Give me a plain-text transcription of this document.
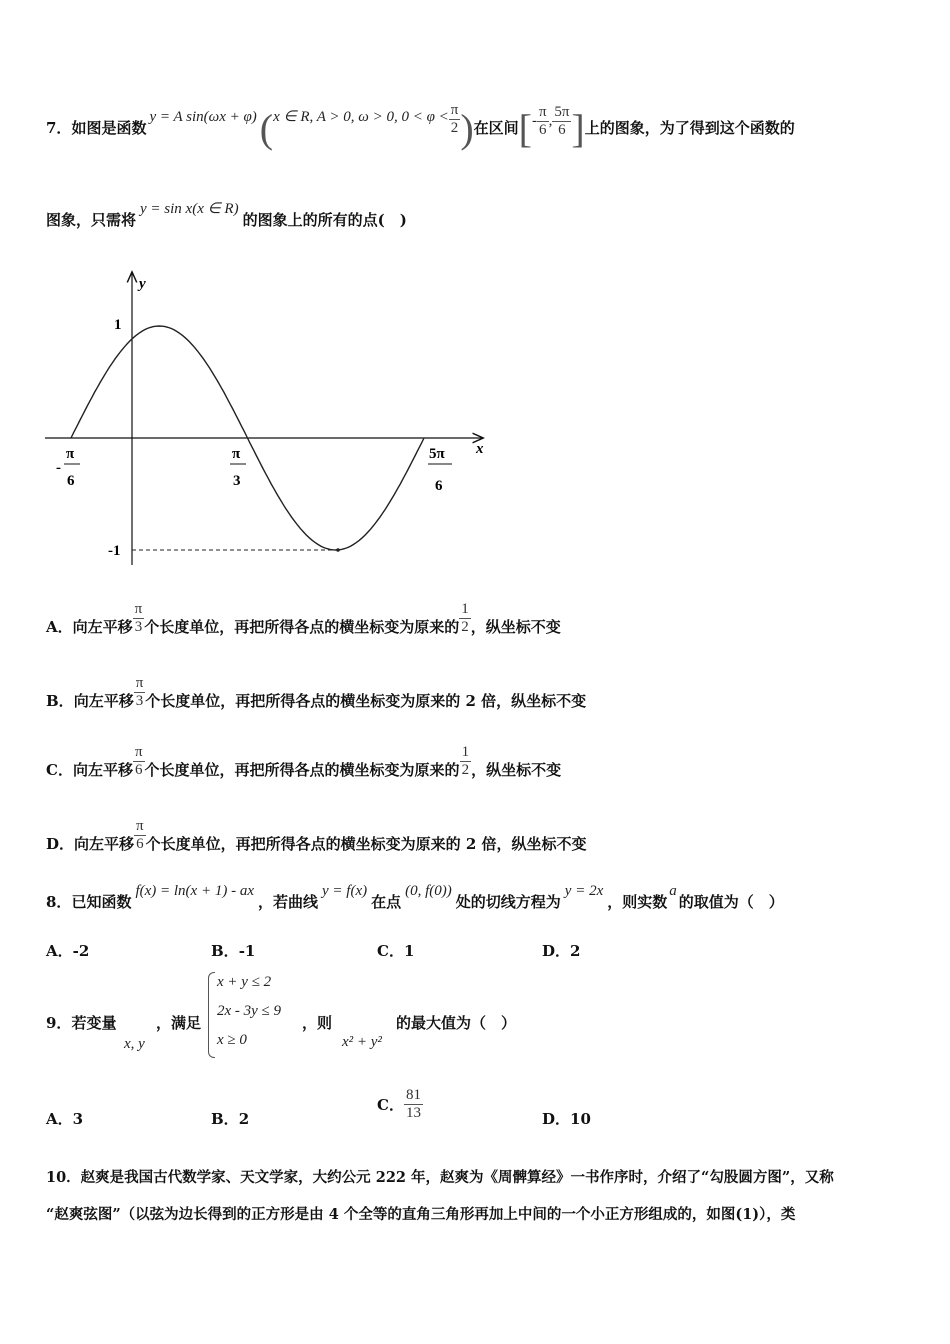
7．如图是函数y = A sin(ωx + φ)(x ∈ R, A > 0, ω > 0, $0 < \varphi < \frac{\pi}{2}$ )在区间[- $\frac{\pi}{6}$ , $\frac{5\pi}{6}$ ]上的图象，为了得到这个函数的
图象，只需将y = sin x(x ∈ R)的图象上的所有的点(　)
y
x
1
-1
-
π
6
π
3
5π
6
A．向左平移 $\frac{\pi}{3}$ 个长度单位，再把所得各点的横坐标变为原来的 $\frac{1}{2}$ ，纵坐标不变
B．向左平移 $\frac{\pi}{3}$ 个长度单位，再把所得各点的横坐标变为原来的 2 倍，纵坐标不变
C．向左平移 $\frac{\pi}{6}$ 个长度单位，再把所得各点的横坐标变为原来的 $\frac{1}{2}$ ，纵坐标不变
D．向左平移 $\frac{\pi}{6}$ 个长度单位，再把所得各点的横坐标变为原来的 2 倍，纵坐标不变
8．已知函数f(x) = ln(x + 1) - ax，若曲线y = f(x)在点(0, f(0))处的切线方程为y = 2x，则实数a的取值为（　）
A．-2	B．-1	C．1	D．2
9．若变量
x, y
，满足
x + y ≤ 2
2x - 3y ≤ 9
x ≥ 0
，则
x² + y²
的最大值为（　）
A．3	B．2
C． $\frac{81}{13}$	D．10
10．赵爽是我国古代数学家、天文学家，大约公元 222 年，赵爽为《周髀算经》一书作序时，介绍了“勾股圆方图”，又称
“赵爽弦图”（以弦为边长得到的正方形是由 4 个全等的直角三角形再加上中间的一个小正方形组成的，如图(1)），类
